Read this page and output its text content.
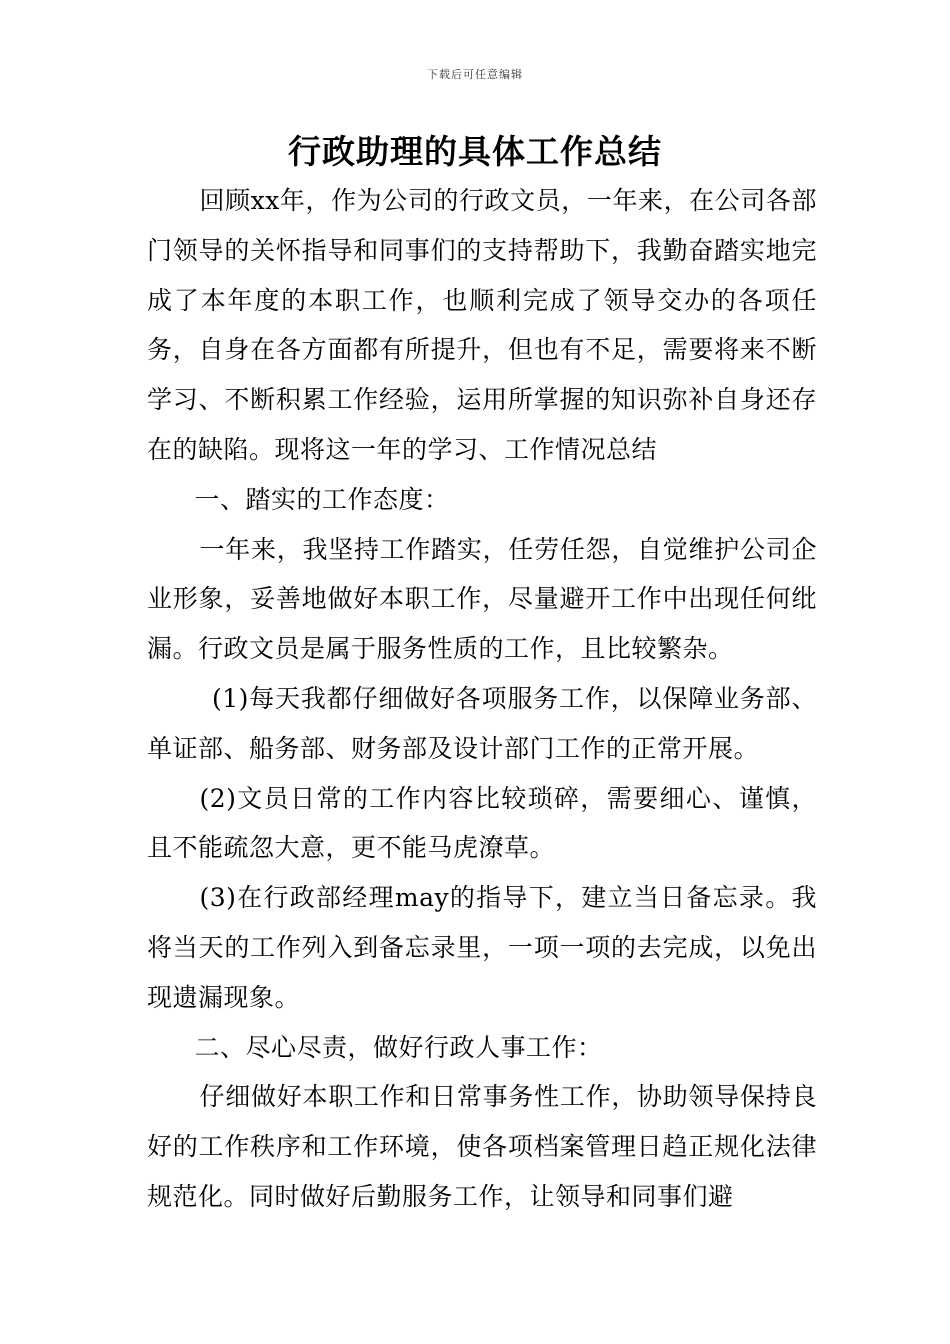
下载后可任意编辑
行政助理的具体工作总结

回顾xx年，作为公司的行政文员，一年来，在公司各部门领导的关怀指导和同事们的支持帮助下，我勤奋踏实地完成了本年度的本职工作，也顺利完成了领导交办的各项任务，自身在各方面都有所提升，但也有不足，需要将来不断学习、不断积累工作经验，运用所掌握的知识弥补自身还存在的缺陷。现将这一年的学习、工作情况总结

一、踏实的工作态度：

一年来，我坚持工作踏实，任劳任怨，自觉维护公司企业形象，妥善地做好本职工作，尽量避开工作中出现任何纰漏。行政文员是属于服务性质的工作，且比较繁杂。

(1)每天我都仔细做好各项服务工作，以保障业务部、单证部、船务部、财务部及设计部门工作的正常开展。

(2)文员日常的工作内容比较琐碎，需要细心、谨慎，且不能疏忽大意，更不能马虎潦草。

(3)在行政部经理may的指导下，建立当日备忘录。我将当天的工作列入到备忘录里，一项一项的去完成，以免出现遗漏现象。

二、尽心尽责，做好行政人事工作：

仔细做好本职工作和日常事务性工作，协助领导保持良好的工作秩序和工作环境，使各项档案管理日趋正规化法律规范化。同时做好后勤服务工作，让领导和同事们避
